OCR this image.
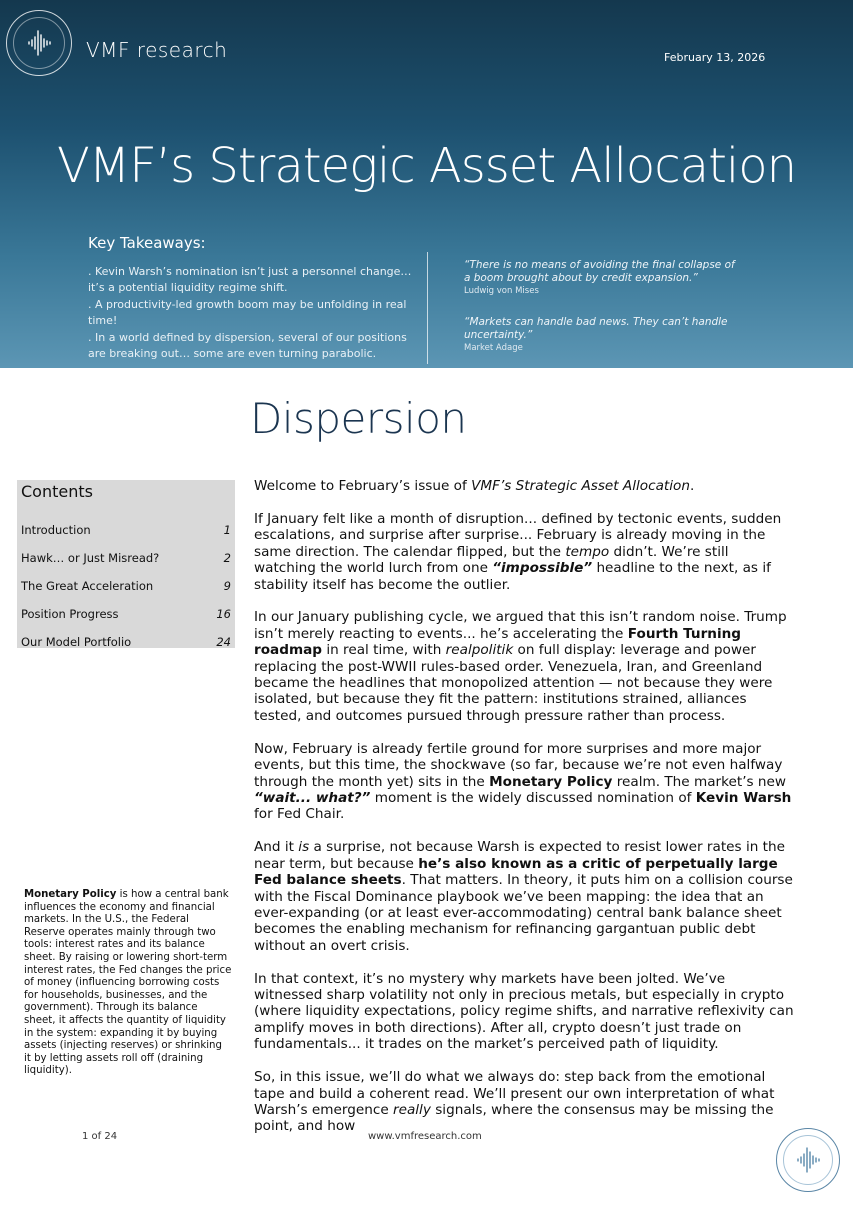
VMF research	February 13, 2026
VMF’s Strategic Asset Allocation
Key Takeaways:

. Kevin Warsh’s nomination isn’t just a personnel change… it’s a potential liquidity regime shift.

. A productivity-led growth boom may be unfolding in real time!

. In a world defined by dispersion, several of our positions are breaking out… some are even turning parabolic.

“There is no means of avoiding the final collapse of a boom brought about by credit expansion.”
Ludwig von Mises
“Markets can handle bad news. They can’t handle uncertainty.”
Market Adage
Dispersion
Contents
Introduction	1
Hawk… or Just Misread?	2
The Great Acceleration	9
Position Progress	16
Our Model Portfolio	24
Monetary Policy is how a central bank influences the economy and financial markets. In the U.S., the Federal Reserve operates mainly through two tools: interest rates and its balance sheet. By raising or lowering short-term interest rates, the Fed changes the price of money (influencing borrowing costs for households, businesses, and the government). Through its balance sheet, it affects the quantity of liquidity in the system: expanding it by buying assets (injecting reserves) or shrinking it by letting assets roll off (draining liquidity).

Welcome to February’s issue of VMF’s Strategic Asset Allocation.

If January felt like a month of disruption... defined by tectonic events, sudden escalations, and surprise after surprise... February is already moving in the same direction. The calendar flipped, but the tempo didn’t. We’re still watching the world lurch from one “impossible” headline to the next, as if stability itself has become the outlier.

In our January publishing cycle, we argued that this isn’t random noise. Trump isn’t merely reacting to events... he’s accelerating the Fourth Turning roadmap in real time, with realpolitik on full display: leverage and power replacing the post-WWII rules-based order. Venezuela, Iran, and Greenland became the headlines that monopolized attention — not because they were isolated, but because they fit the pattern: institutions strained, alliances tested, and outcomes pursued through pressure rather than process.

Now, February is already fertile ground for more surprises and more major events, but this time, the shockwave (so far, because we’re not even halfway through the month yet) sits in the Monetary Policy realm. The market’s new “wait... what?” moment is the widely discussed nomination of Kevin Warsh for Fed Chair.

And it is a surprise, not because Warsh is expected to resist lower rates in the near term, but because he’s also known as a critic of perpetually large Fed balance sheets. That matters. In theory, it puts him on a collision course with the Fiscal Dominance playbook we’ve been mapping: the idea that an ever-expanding (or at least ever-accommodating) central bank balance sheet becomes the enabling mechanism for refinancing gargantuan public debt without an overt crisis.

In that context, it’s no mystery why markets have been jolted. We’ve witnessed sharp volatility not only in precious metals, but especially in crypto (where liquidity expectations, policy regime shifts, and narrative reflexivity can amplify moves in both directions). After all, crypto doesn’t just trade on fundamentals... it trades on the market’s perceived path of liquidity.

So, in this issue, we’ll do what we always do: step back from the emotional tape and build a coherent read. We’ll present our own interpretation of what Warsh’s emergence really signals, where the consensus may be missing the point, and how

1 of 24	www.vmfresearch.com
